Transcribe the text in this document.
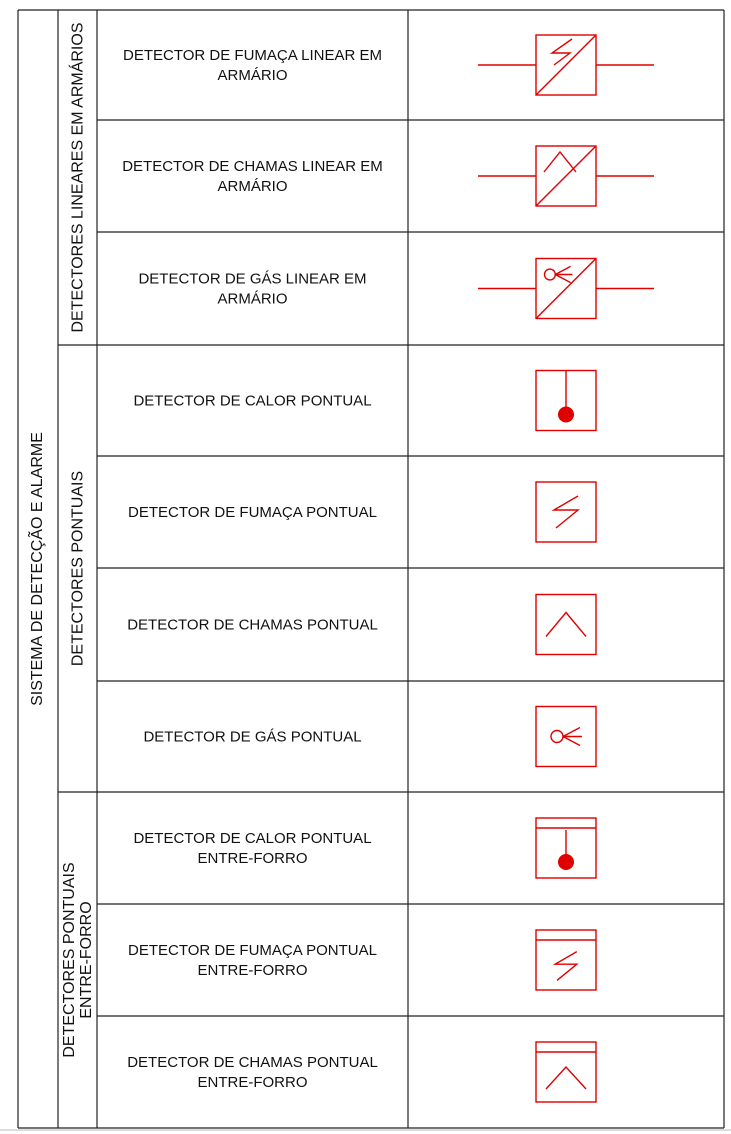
SISTEMA DE DETECÇÃO E ALARME
DETECTORES LINEARES EM ARMÁRIOS
DETECTORES PONTUAIS
DETECTORES PONTUAISENTRE-FORRO
DETECTOR DE FUMAÇA LINEAR EM ARMÁRIO
DETECTOR DE CHAMAS LINEAR EM ARMÁRIO
DETECTOR DE GÁS LINEAR EM ARMÁRIO
DETECTOR DE CALOR PONTUAL
DETECTOR DE FUMAÇA PONTUAL
DETECTOR DE CHAMAS PONTUAL
DETECTOR DE GÁS PONTUAL
DETECTOR DE CALOR PONTUAL ENTRE-FORRO
DETECTOR DE FUMAÇA PONTUAL ENTRE-FORRO
DETECTOR DE CHAMAS PONTUAL ENTRE-FORRO
